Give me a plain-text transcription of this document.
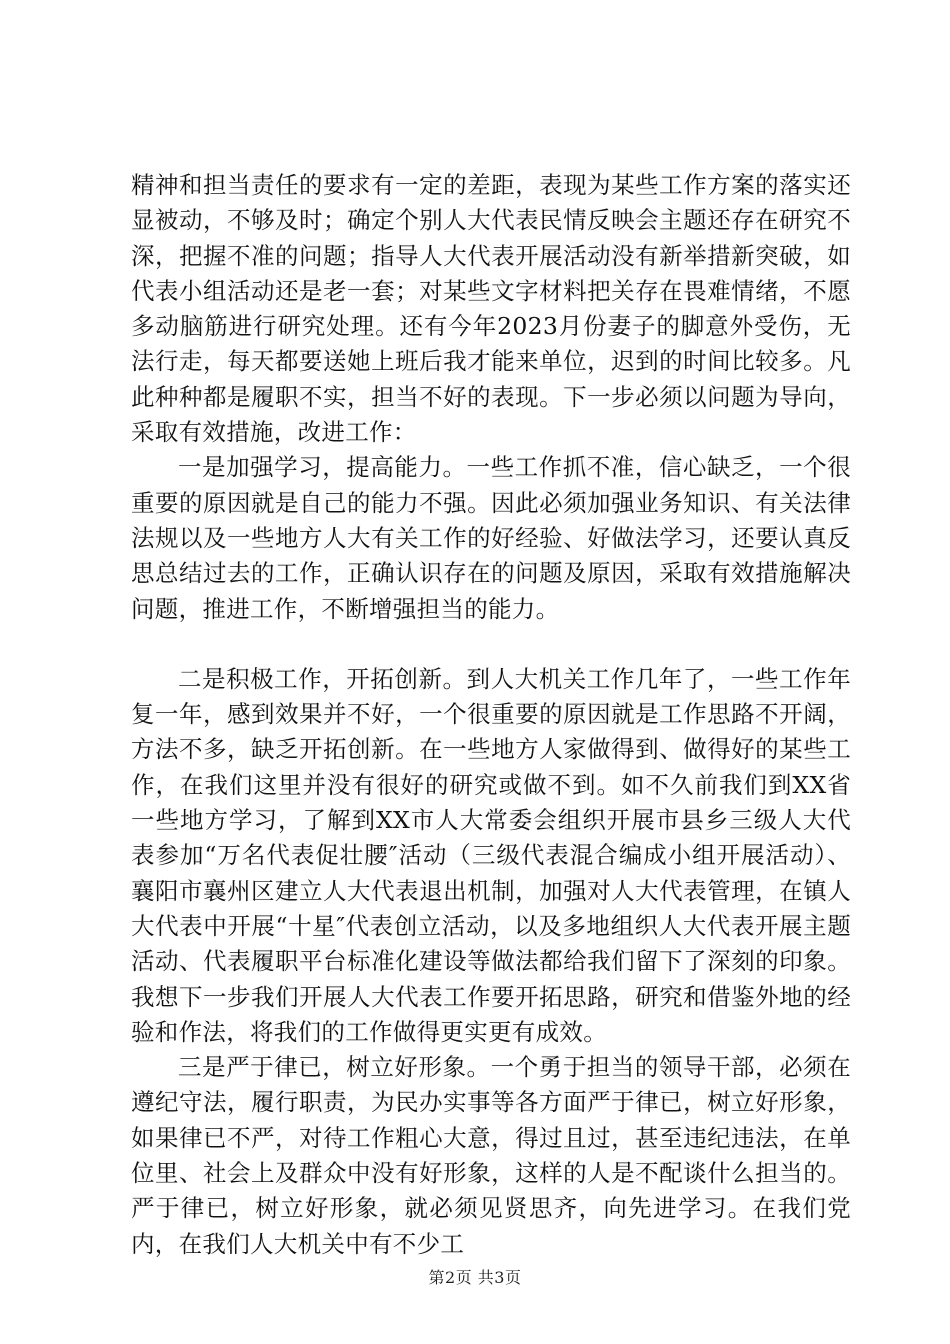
精神和担当责任的要求有一定的差距，表现为某些工作方案的落实还显被动，不够及时；确定个别人大代表民情反映会主题还存在研究不深，把握不准的问题；指导人大代表开展活动没有新举措新突破，如代表小组活动还是老一套；对某些文字材料把关存在畏难情绪，不愿多动脑筋进行研究处理。还有今年2023月份妻子的脚意外受伤，无法行走，每天都要送她上班后我才能来单位，迟到的时间比较多。凡此种种都是履职不实，担当不好的表现。下一步必须以问题为导向，采取有效措施，改进工作：

一是加强学习，提高能力。一些工作抓不准，信心缺乏，一个很重要的原因就是自己的能力不强。因此必须加强业务知识、有关法律法规以及一些地方人大有关工作的好经验、好做法学习，还要认真反思总结过去的工作，正确认识存在的问题及原因，采取有效措施解决问题，推进工作，不断增强担当的能力。

二是积极工作，开拓创新。到人大机关工作几年了，一些工作年复一年，感到效果并不好，一个很重要的原因就是工作思路不开阔，方法不多，缺乏开拓创新。在一些地方人家做得到、做得好的某些工作，在我们这里并没有很好的研究或做不到。如不久前我们到XX省一些地方学习，了解到XX市人大常委会组织开展市县乡三级人大代表参加“万名代表促壮腰″活动（三级代表混合编成小组开展活动）、襄阳市襄州区建立人大代表退出机制，加强对人大代表管理，在镇人大代表中开展“十星″代表创立活动，以及多地组织人大代表开展主题活动、代表履职平台标准化建设等做法都给我们留下了深刻的印象。我想下一步我们开展人大代表工作要开拓思路，研究和借鉴外地的经验和作法，将我们的工作做得更实更有成效。

三是严于律已，树立好形象。一个勇于担当的领导干部，必须在遵纪守法，履行职责，为民办实事等各方面严于律已，树立好形象，如果律已不严，对待工作粗心大意，得过且过，甚至违纪违法，在单位里、社会上及群众中没有好形象，这样的人是不配谈什么担当的。严于律已，树立好形象，就必须见贤思齐，向先进学习。在我们党内，在我们人大机关中有不少工

第2页 共3页
